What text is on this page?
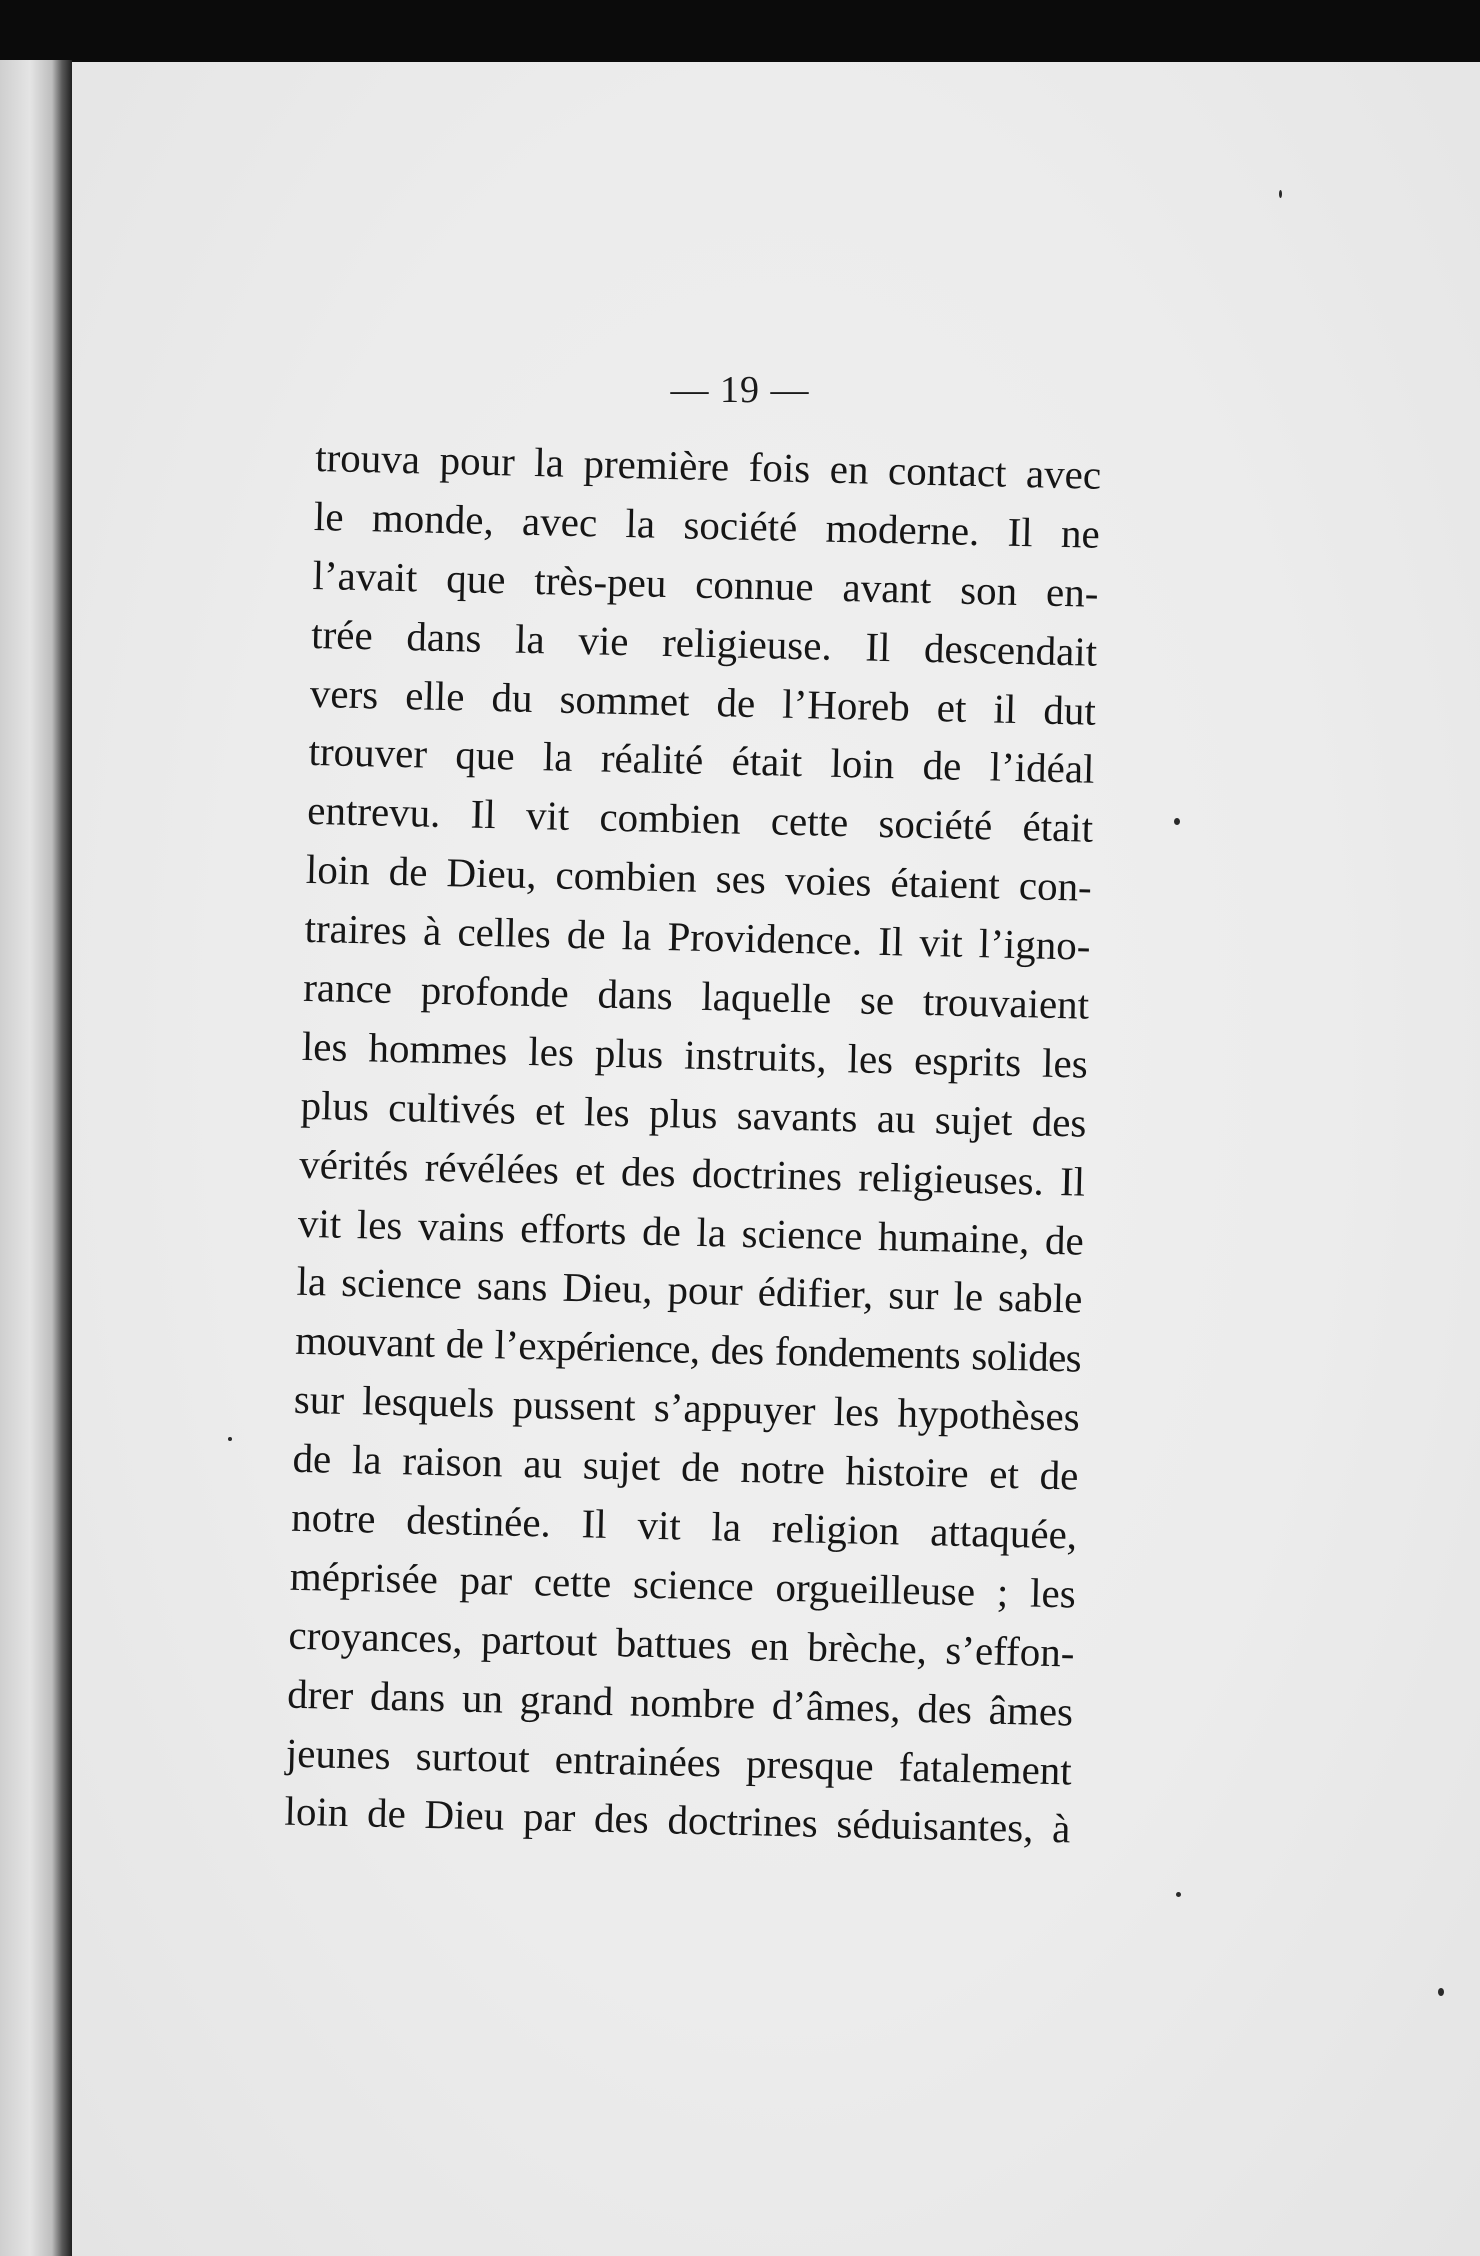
— 19 —
trouva pour la première fois en contact avec
le monde, avec la société moderne. Il ne
l’avait que très-peu connue avant son en-
trée dans la vie religieuse. Il descendait
vers elle du sommet de l’Horeb et il dut
trouver que la réalité était loin de l’idéal
entrevu. Il vit combien cette société était
loin de Dieu, combien ses voies étaient con-
traires à celles de la Providence. Il vit l’igno-
rance profonde dans laquelle se trouvaient
les hommes les plus instruits, les esprits les
plus cultivés et les plus savants au sujet des
vérités révélées et des doctrines religieuses. Il
vit les vains efforts de la science humaine, de
la science sans Dieu, pour édifier, sur le sable
mouvant de l’expérience, des fondements solides
sur lesquels pussent s’appuyer les hypothèses
de la raison au sujet de notre histoire et de
notre destinée. Il vit la religion attaquée,
méprisée par cette science orgueilleuse ; les
croyances, partout battues en brèche, s’effon-
drer dans un grand nombre d’âmes, des âmes
jeunes surtout entrainées presque fatalement
loin de Dieu par des doctrines séduisantes, à
